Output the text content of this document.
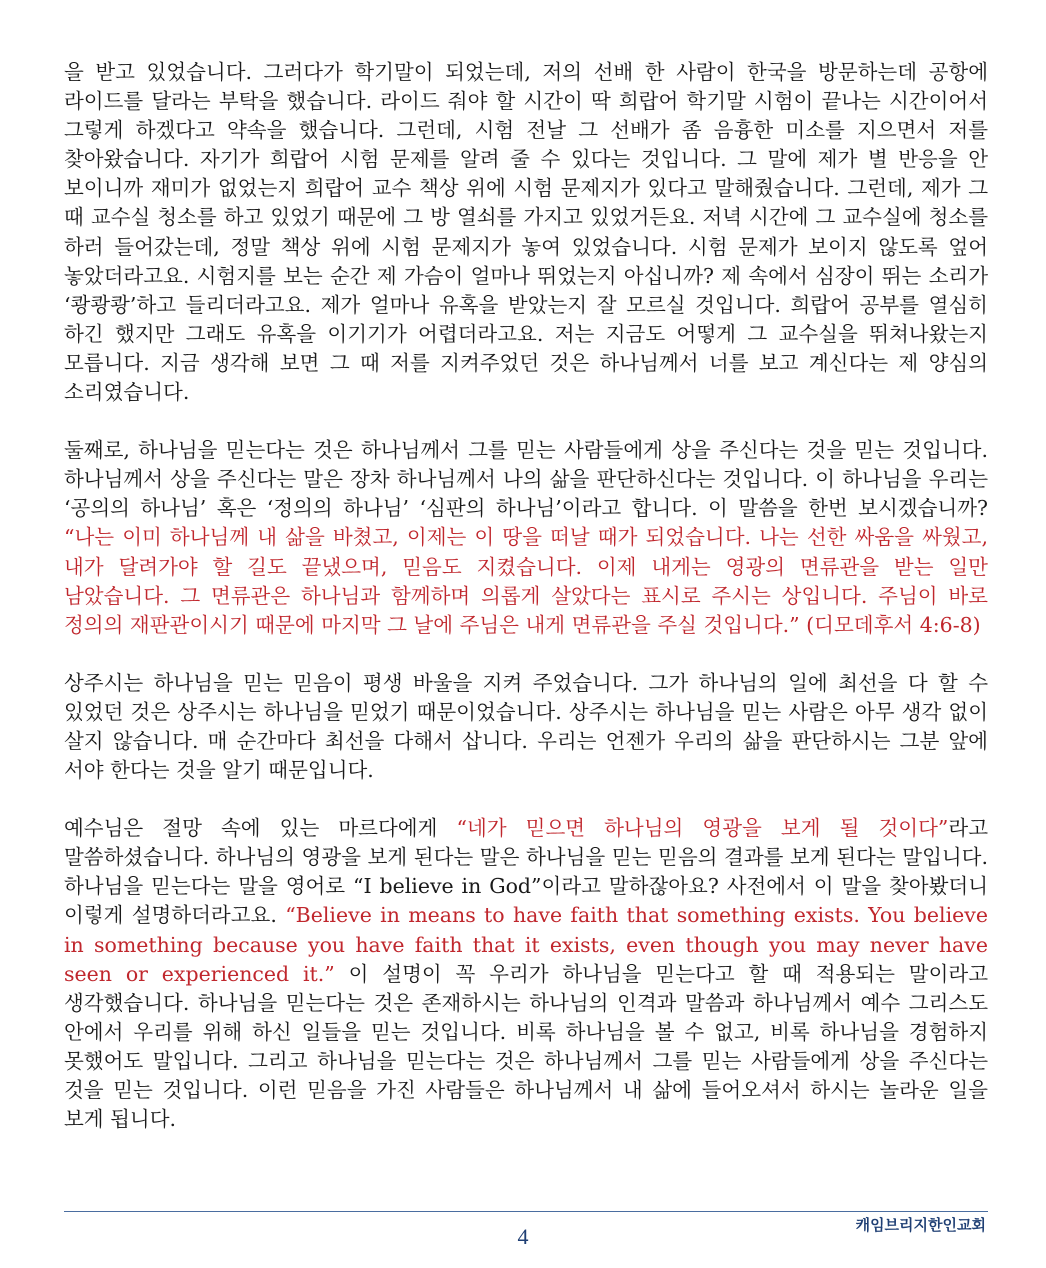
을 받고 있었습니다. 그러다가 학기말이 되었는데, 저의 선배 한 사람이 한국을 방문하는데 공항에 라이드를 달라는 부탁을 했습니다. 라이드 줘야 할 시간이 딱 희랍어 학기말 시험이 끝나는 시간이어서 그렇게 하겠다고 약속을 했습니다. 그런데, 시험 전날 그 선배가 좀 음흉한 미소를 지으면서 저를 찾아왔습니다. 자기가 희랍어 시험 문제를 알려 줄 수 있다는 것입니다. 그 말에 제가 별 반응을 안 보이니까 재미가 없었는지 희랍어 교수 책상 위에 시험 문제지가 있다고 말해줬습니다. 그런데, 제가 그 때 교수실 청소를 하고 있었기 때문에 그 방 열쇠를 가지고 있었거든요. 저녁 시간에 그 교수실에 청소를 하러 들어갔는데, 정말 책상 위에 시험 문제지가 놓여 있었습니다. 시험 문제가 보이지 않도록 엎어 놓았더라고요. 시험지를 보는 순간 제 가슴이 얼마나 뛰었는지 아십니까? 제 속에서 심장이 뛰는 소리가 ‘쾅쾅쾅’하고 들리더라고요. 제가 얼마나 유혹을 받았는지 잘 모르실 것입니다. 희랍어 공부를 열심히 하긴 했지만 그래도 유혹을 이기기가 어렵더라고요. 저는 지금도 어떻게 그 교수실을 뛰쳐나왔는지 모릅니다. 지금 생각해 보면 그 때 저를 지켜주었던 것은 하나님께서 너를 보고 계신다는 제 양심의 소리였습니다.

둘째로, 하나님을 믿는다는 것은 하나님께서 그를 믿는 사람들에게 상을 주신다는 것을 믿는 것입니다. 하나님께서 상을 주신다는 말은 장차 하나님께서 나의 삶을 판단하신다는 것입니다. 이 하나님을 우리는 ‘공의의 하나님’ 혹은 ‘정의의 하나님’ ‘심판의 하나님’이라고 합니다. 이 말씀을 한번 보시겠습니까? “나는 이미 하나님께 내 삶을 바쳤고, 이제는 이 땅을 떠날 때가 되었습니다. 나는 선한 싸움을 싸웠고, 내가 달려가야 할 길도 끝냈으며, 믿음도 지켰습니다. 이제 내게는 영광의 면류관을 받는 일만 남았습니다. 그 면류관은 하나님과 함께하며 의롭게 살았다는 표시로 주시는 상입니다. 주님이 바로 정의의 재판관이시기 때문에 마지막 그 날에 주님은 내게 면류관을 주실 것입니다.” (디모데후서 4:6-8)

상주시는 하나님을 믿는 믿음이 평생 바울을 지켜 주었습니다. 그가 하나님의 일에 최선을 다 할 수 있었던 것은 상주시는 하나님을 믿었기 때문이었습니다. 상주시는 하나님을 믿는 사람은 아무 생각 없이 살지 않습니다. 매 순간마다 최선을 다해서 삽니다. 우리는 언젠가 우리의 삶을 판단하시는 그분 앞에 서야 한다는 것을 알기 때문입니다.

예수님은 절망 속에 있는 마르다에게 “네가 믿으면 하나님의 영광을 보게 될 것이다”라고 말씀하셨습니다. 하나님의 영광을 보게 된다는 말은 하나님을 믿는 믿음의 결과를 보게 된다는 말입니다. 하나님을 믿는다는 말을 영어로 “I believe in God”이라고 말하잖아요? 사전에서 이 말을 찾아봤더니 이렇게 설명하더라고요. “Believe in means to have faith that something exists. You believe in something because you have faith that it exists, even though you may never have seen or experienced it.” 이 설명이 꼭 우리가 하나님을 믿는다고 할 때 적용되는 말이라고 생각했습니다. 하나님을 믿는다는 것은 존재하시는 하나님의 인격과 말씀과 하나님께서 예수 그리스도 안에서 우리를 위해 하신 일들을 믿는 것입니다. 비록 하나님을 볼 수 없고, 비록 하나님을 경험하지 못했어도 말입니다. 그리고 하나님을 믿는다는 것은 하나님께서 그를 믿는 사람들에게 상을 주신다는 것을 믿는 것입니다. 이런 믿음을 가진 사람들은 하나님께서 내 삶에 들어오셔서 하시는 놀라운 일을 보게 됩니다.

4	캐임브리지한인교회
